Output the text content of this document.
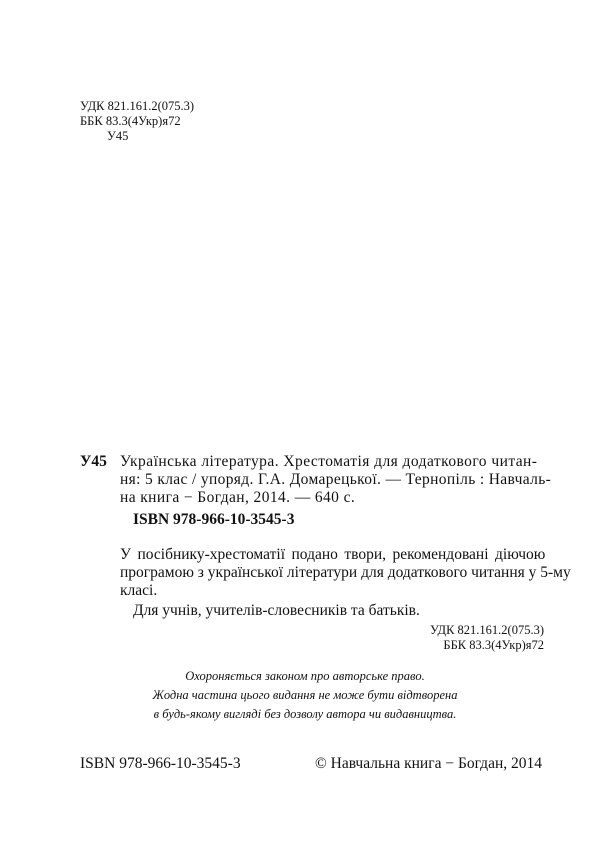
УДК 821.161.2(075.3)
ББК 83.3(4Укр)я72
У45
У45 Українська література. Хрестоматія для додаткового читан-
ня: 5 клас / упоряд. Г.А. Домарецької. — Тернопіль : Навчаль-
на книга − Богдан, 2014. — 640 с.
ISBN 978-966-10-3545-3
У посібнику-хрестоматії подано твори, рекомендовані діючою
програмою з української літератури для додаткового читання у 5-му
класі.
Для учнів, учителів-словесників та батьків.
УДК 821.161.2(075.3)
ББК 83.3(4Укр)я72
Охороняється законом про авторське право.
Жодна частина цього видання не може бути відтворена
в будь-якому вигляді без дозволу автора чи видавництва.
ISBN 978-966-10-3545-3	© Навчальна книга − Богдан, 2014
